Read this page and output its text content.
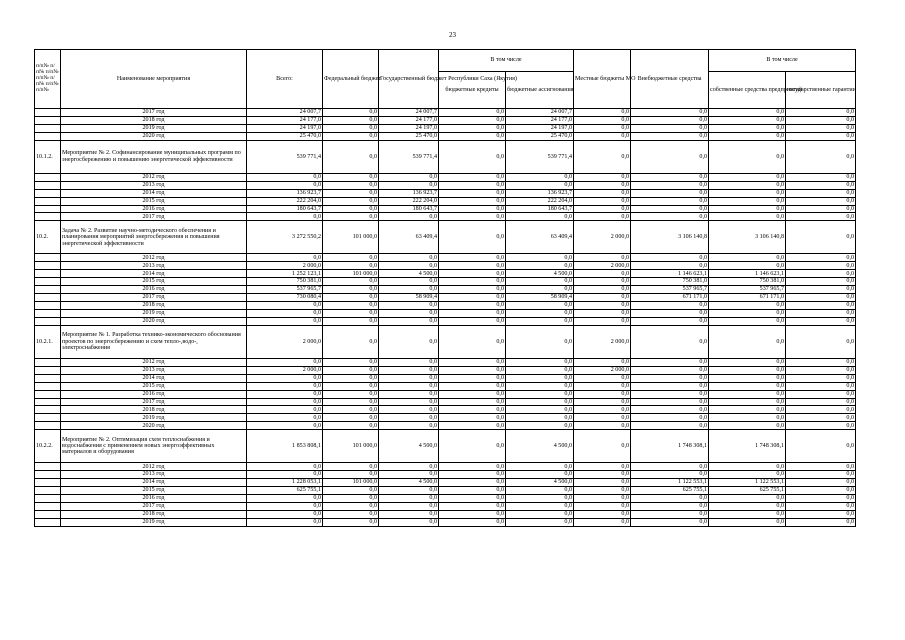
23
п/п№ п/п№ п/п№ п/п№ п/п№ п/п№ п/п№	Наименование мероприятия	Всего:	Федеральный бюджет	Государственный бюджет Республики Саха (Якутия)	В том числе		Местные бюджеты МО	Внебюджетные средства	В том числе	
					бюджетные кредиты	бюджетные ассигнования			собственные средства предприятий	государственные гарантии
	2017 год	24 007,7	0,0	24 007,7	0,0	24 007,7	0,0	0,0	0,0	0,0
	2018 год	24 177,0	0,0	24 177,0	0,0	24 177,0	0,0	0,0	0,0	0,0
	2019 год	24 197,0	0,0	24 197,0	0,0	24 197,0	0,0	0,0	0,0	0,0
	2020 год	25 470,0	0,0	25 470,0	0,0	25 470,0	0,0	0,0	0,0	0,0
10.1.2.	Мероприятие № 2. Софинансирование муниципальных программ по энергосбережению и повышению энергетической эффективности	539 771,4	0,0	539 771,4	0,0	539 771,4	0,0	0,0	0,0	0,0
	2012 год	0,0	0,0	0,0	0,0	0,0	0,0	0,0	0,0	0,0
	2013 год	0,0	0,0	0,0	0,0	0,0	0,0	0,0	0,0	0,0
	2014 год	136 923,7	0,0	136 923,7	0,0	136 923,7	0,0	0,0	0,0	0,0
	2015 год	222 204,0	0,0	222 204,0	0,0	222 204,0	0,0	0,0	0,0	0,0
	2016 год	180 643,7	0,0	180 643,7	0,0	180 643,7	0,0	0,0	0,0	0,0
	2017 год	0,0	0,0	0,0	0,0	0,0	0,0	0,0	0,0	0,0
10.2.	Задача № 2. Развитие научно-методического обеспечения и планирования мероприятий энергосбережения и повышения энергетической эффективности	3 272 550,2	101 000,0	63 409,4	0,0	63 409,4	2 000,0	3 106 140,8	3 106 140,8	0,0
	2012 год	0,0	0,0	0,0	0,0	0,0	0,0	0,0	0,0	0,0
	2013 год	2 000,0	0,0	0,0	0,0	0,0	2 000,0	0,0	0,0	0,0
	2014 год	1 252 123,1	101 000,0	4 500,0	0,0	4 500,0	0,0	1 146 623,1	1 146 623,1	0,0
	2015 год	750 381,0	0,0	0,0	0,0	0,0	0,0	750 381,0	750 381,0	0,0
	2016 год	537 965,7	0,0	0,0	0,0	0,0	0,0	537 965,7	537 965,7	0,0
	2017 год	730 080,4	0,0	58 909,4	0,0	58 909,4	0,0	671 171,0	671 171,0	0,0
	2018 год	0,0	0,0	0,0	0,0	0,0	0,0	0,0	0,0	0,0
	2019 год	0,0	0,0	0,0	0,0	0,0	0,0	0,0	0,0	0,0
	2020 год	0,0	0,0	0,0	0,0	0,0	0,0	0,0	0,0	0,0
10.2.1.	Мероприятие № 1. Разработка технико-экономического обоснования проектов по энергосбережению и схем тепло-,водо-, электроснабжения	2 000,0	0,0	0,0	0,0	0,0	2 000,0	0,0	0,0	0,0
	2012 год	0,0	0,0	0,0	0,0	0,0	0,0	0,0	0,0	0,0
	2013 год	2 000,0	0,0	0,0	0,0	0,0	2 000,0	0,0	0,0	0,0
	2014 год	0,0	0,0	0,0	0,0	0,0	0,0	0,0	0,0	0,0
	2015 год	0,0	0,0	0,0	0,0	0,0	0,0	0,0	0,0	0,0
	2016 год	0,0	0,0	0,0	0,0	0,0	0,0	0,0	0,0	0,0
	2017 год	0,0	0,0	0,0	0,0	0,0	0,0	0,0	0,0	0,0
	2018 год	0,0	0,0	0,0	0,0	0,0	0,0	0,0	0,0	0,0
	2019 год	0,0	0,0	0,0	0,0	0,0	0,0	0,0	0,0	0,0
	2020 год	0,0	0,0	0,0	0,0	0,0	0,0	0,0	0,0	0,0
10.2.2.	Мероприятие № 2. Оптимизация схем теплоснабжения и водоснабжения с применением новых энергоэффективных материалов и оборудования	1 853 808,1	101 000,0	4 500,0	0,0	4 500,0	0,0	1 748 308,1	1 748 308,1	0,0
	2012 год	0,0	0,0	0,0	0,0	0,0	0,0	0,0	0,0	0,0
	2013 год	0,0	0,0	0,0	0,0	0,0	0,0	0,0	0,0	0,0
	2014 год	1 228 053,1	101 000,0	4 500,0	0,0	4 500,0	0,0	1 122 553,1	1 122 553,1	0,0
	2015 год	625 755,1	0,0	0,0	0,0	0,0	0,0	625 755,1	625 755,1	0,0
	2016 год	0,0	0,0	0,0	0,0	0,0	0,0	0,0	0,0	0,0
	2017 год	0,0	0,0	0,0	0,0	0,0	0,0	0,0	0,0	0,0
	2018 год	0,0	0,0	0,0	0,0	0,0	0,0	0,0	0,0	0,0
	2019 год	0,0	0,0	0,0	0,0	0,0	0,0	0,0	0,0	0,0
